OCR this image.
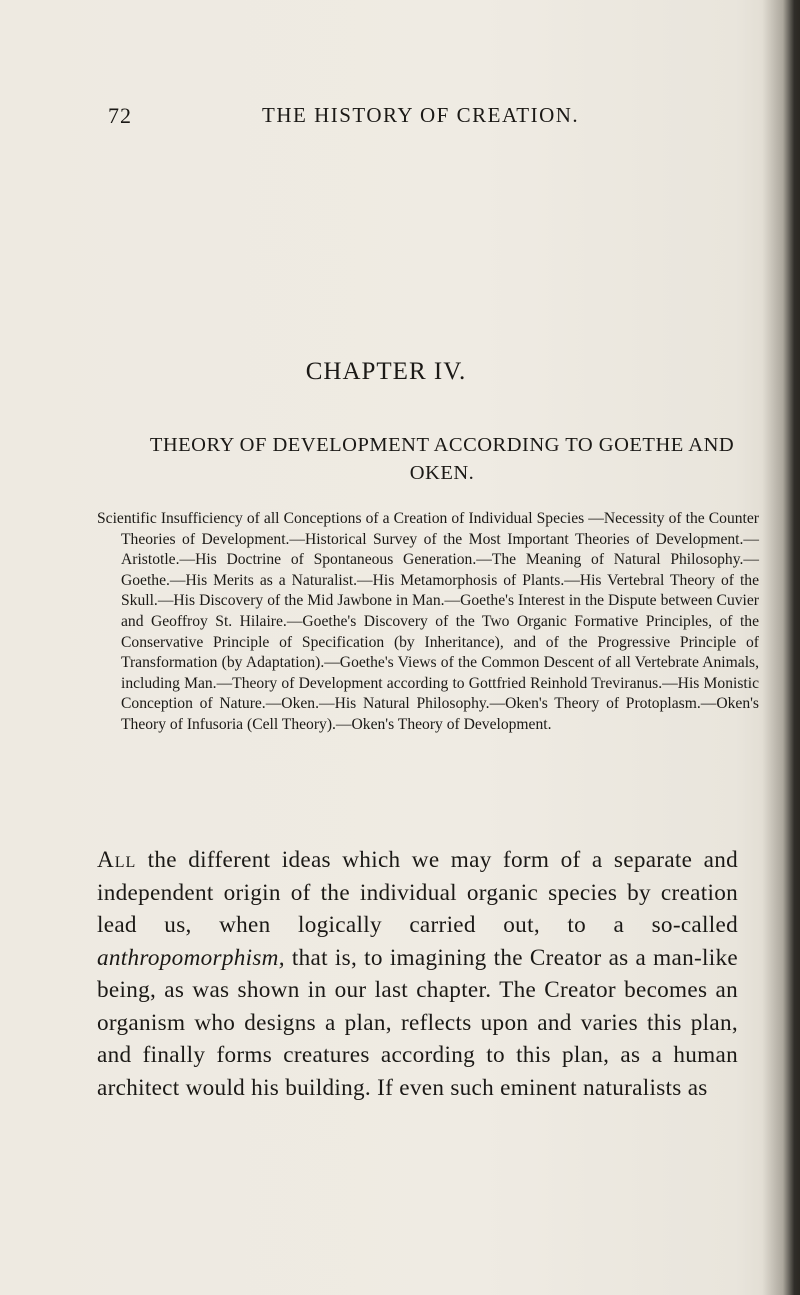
72	THE HISTORY OF CREATION.
CHAPTER IV.
THEORY OF DEVELOPMENT ACCORDING TO GOETHE AND OKEN.
Scientific Insufficiency of all Conceptions of a Creation of Individual Species —Necessity of the Counter Theories of Development.—Historical Survey of the Most Important Theories of Development.—Aristotle.—His Doctrine of Spontaneous Generation.—The Meaning of Natural Philosophy.—Goethe.—His Merits as a Naturalist.—His Metamorphosis of Plants.—His Vertebral Theory of the Skull.—His Discovery of the Mid Jawbone in Man.—Goethe's Interest in the Dispute between Cuvier and Geoffroy St. Hilaire.—Goethe's Discovery of the Two Organic Formative Principles, of the Conservative Principle of Specification (by Inheritance), and of the Progressive Principle of Transformation (by Adaptation).—Goethe's Views of the Common Descent of all Vertebrate Animals, including Man.—Theory of Development according to Gottfried Reinhold Treviranus.—His Monistic Conception of Nature.—Oken.—His Natural Philosophy.—Oken's Theory of Protoplasm.—Oken's Theory of Infusoria (Cell Theory).—Oken's Theory of Development.
All the different ideas which we may form of a separate and independent origin of the individual organic species by creation lead us, when logically carried out, to a so-called anthropomorphism, that is, to imagining the Creator as a man-like being, as was shown in our last chapter. The Creator becomes an organism who designs a plan, reflects upon and varies this plan, and finally forms creatures according to this plan, as a human architect would his building. If even such eminent naturalists as
